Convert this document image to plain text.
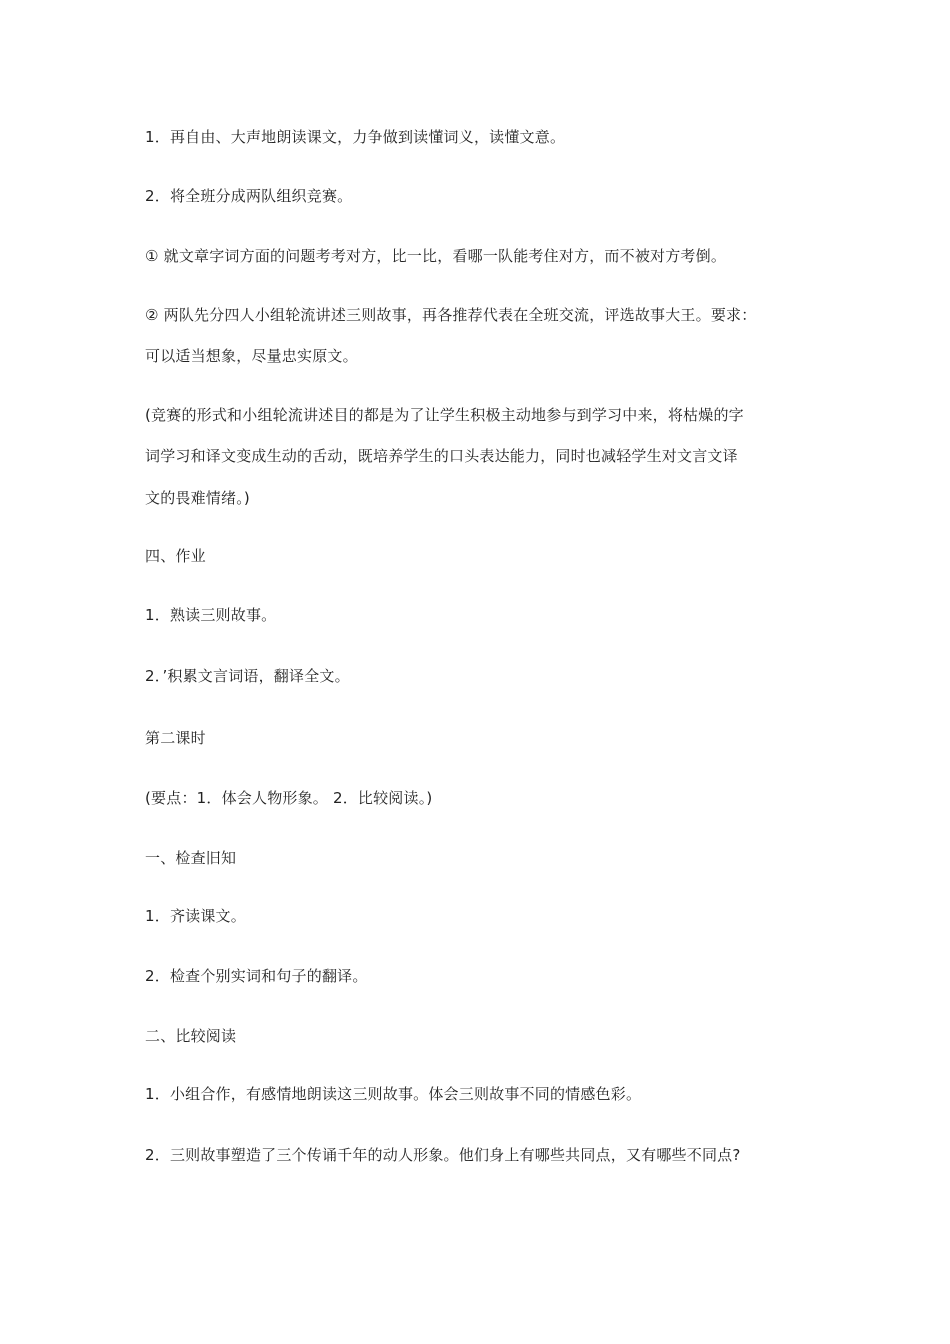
1．再自由、大声地朗读课文，力争做到读懂词义，读懂文意。
2．将全班分成两队组织竞赛。
① 就文章字词方面的问题考考对方，比一比，看哪一队能考住对方，而不被对方考倒。
② 两队先分四人小组轮流讲述三则故事，再各推荐代表在全班交流，评选故事大王。要求：
可以适当想象，尽量忠实原文。
(竞赛的形式和小组轮流讲述目的都是为了让学生积极主动地参与到学习中来，将枯燥的字
词学习和译文变成生动的舌动，既培养学生的口头表达能力，同时也减轻学生对文言文译
文的畏难情绪。)
四、作业
1．熟读三则故事。
2．’积累文言词语，翻译全文。
第二课时
(要点：1．体会人物形象。 2．比较阅读。)
一、检查旧知
1．齐读课文。
2．检查个别实词和句子的翻译。
二、比较阅读
1．小组合作，有感情地朗读这三则故事。体会三则故事不同的情感色彩。
2．三则故事塑造了三个传诵千年的动人形象。他们身上有哪些共同点，又有哪些不同点?
